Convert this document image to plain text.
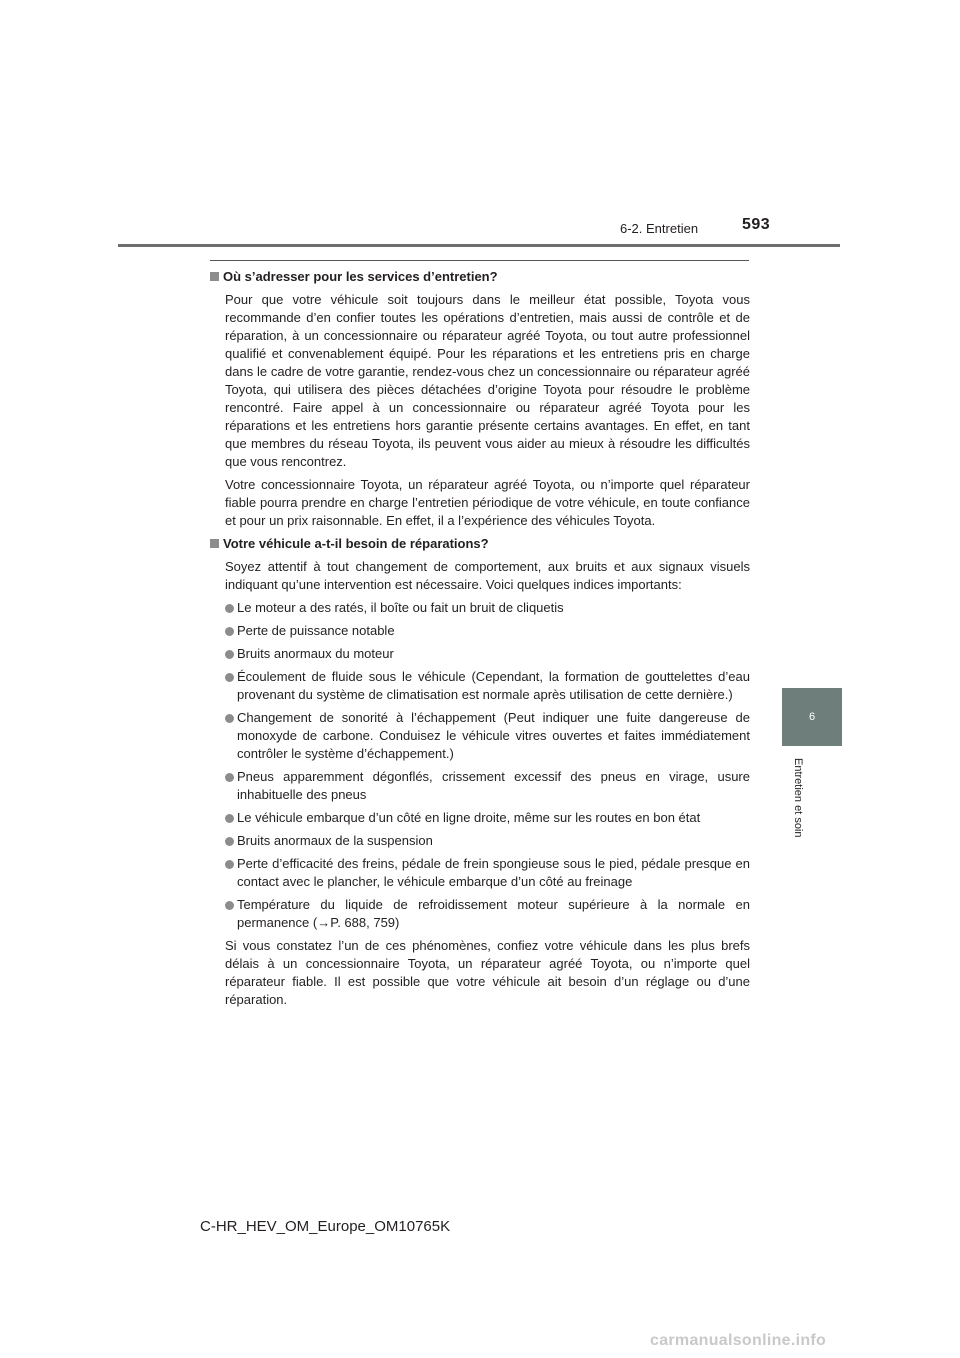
6-2. Entretien	593
6
Entretien et soin
Où s’adresser pour les services d’entretien?

Pour que votre véhicule soit toujours dans le meilleur état possible, Toyota vous recommande d’en confier toutes les opérations d’entretien, mais aussi de contrôle et de réparation, à un concessionnaire ou réparateur agréé Toyota, ou tout autre professionnel qualifié et convenablement équipé. Pour les réparations et les entretiens pris en charge dans le cadre de votre garantie, rendez-vous chez un concessionnaire ou réparateur agréé Toyota, qui utilisera des pièces détachées d’origine Toyota pour résoudre le problème rencontré. Faire appel à un concessionnaire ou réparateur agréé Toyota pour les réparations et les entretiens hors garantie présente certains avantages. En effet, en tant que membres du réseau Toyota, ils peuvent vous aider au mieux à résoudre les difficultés que vous rencontrez.

Votre concessionnaire Toyota, un réparateur agréé Toyota, ou n’importe quel réparateur fiable pourra prendre en charge l’entretien périodique de votre véhicule, en toute confiance et pour un prix raisonnable. En effet, il a l’expérience des véhicules Toyota.

Votre véhicule a-t-il besoin de réparations?

Soyez attentif à tout changement de comportement, aux bruits et aux signaux visuels indiquant qu’une intervention est nécessaire. Voici quelques indices importants:

Le moteur a des ratés, il boîte ou fait un bruit de cliquetis
Perte de puissance notable
Bruits anormaux du moteur
Écoulement de fluide sous le véhicule (Cependant, la formation de gouttelettes d’eau provenant du système de climatisation est normale après utilisation de cette dernière.)
Changement de sonorité à l’échappement (Peut indiquer une fuite dangereuse de monoxyde de carbone. Conduisez le véhicule vitres ouvertes et faites immédiatement contrôler le système d’échappement.)
Pneus apparemment dégonflés, crissement excessif des pneus en virage, usure inhabituelle des pneus
Le véhicule embarque d’un côté en ligne droite, même sur les routes en bon état
Bruits anormaux de la suspension
Perte d’efficacité des freins, pédale de frein spongieuse sous le pied, pédale presque en contact avec le plancher, le véhicule embarque d’un côté au freinage
Température du liquide de refroidissement moteur supérieure à la normale en permanence (→P. 688, 759)

Si vous constatez l’un de ces phénomènes, confiez votre véhicule dans les plus brefs délais à un concessionnaire Toyota, un réparateur agréé Toyota, ou n’importe quel réparateur fiable. Il est possible que votre véhicule ait besoin d’un réglage ou d’une réparation.

C-HR_HEV_OM_Europe_OM10765K
carmanualsonline.info
